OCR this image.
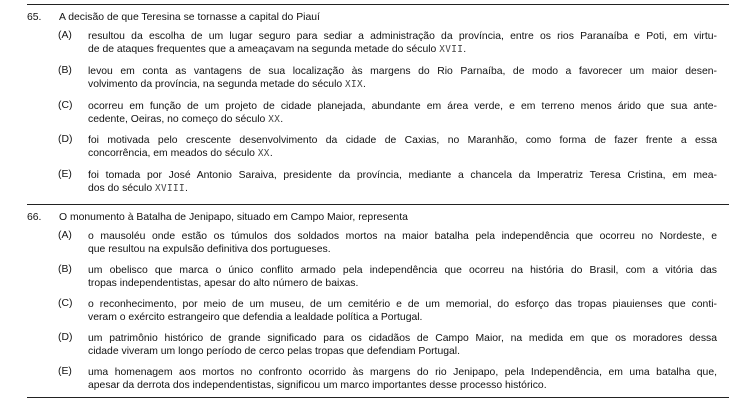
65. A decisão de que Teresina se tornasse a capital do Piauí
(A) resultou da escolha de um lugar seguro para sediar a administração da província, entre os rios Paranaíba e Poti, em virtu-
de de ataques frequentes que a ameaçavam na segunda metade do século XVII.
(B) levou em conta as vantagens de sua localização às margens do Rio Parnaíba, de modo a favorecer um maior desen-
volvimento da província, na segunda metade do século XIX.
(C) ocorreu em função de um projeto de cidade planejada, abundante em área verde, e em terreno menos árido que sua ante-
cedente, Oeiras, no começo do século XX.
(D) foi motivada pelo crescente desenvolvimento da cidade de Caxias, no Maranhão, como forma de fazer frente a essa
concorrência, em meados do século XX.
(E) foi tomada por José Antonio Saraiva, presidente da província, mediante a chancela da Imperatriz Teresa Cristina, em mea-
dos do século XVIII.
66. O monumento à Batalha de Jenipapo, situado em Campo Maior, representa
(A) o mausoléu onde estão os túmulos dos soldados mortos na maior batalha pela independência que ocorreu no Nordeste, e
que resultou na expulsão definitiva dos portugueses.
(B) um obelisco que marca o único conflito armado pela independência que ocorreu na história do Brasil, com a vitória das
tropas independentistas, apesar do alto número de baixas.
(C) o reconhecimento, por meio de um museu, de um cemitério e de um memorial, do esforço das tropas piauienses que conti-
veram o exército estrangeiro que defendia a lealdade política a Portugal.
(D) um patrimônio histórico de grande significado para os cidadãos de Campo Maior, na medida em que os moradores dessa
cidade viveram um longo período de cerco pelas tropas que defendiam Portugal.
(E) uma homenagem aos mortos no confronto ocorrido às margens do rio Jenipapo, pela Independência, em uma batalha que,
apesar da derrota dos independentistas, significou um marco importantes desse processo histórico.
